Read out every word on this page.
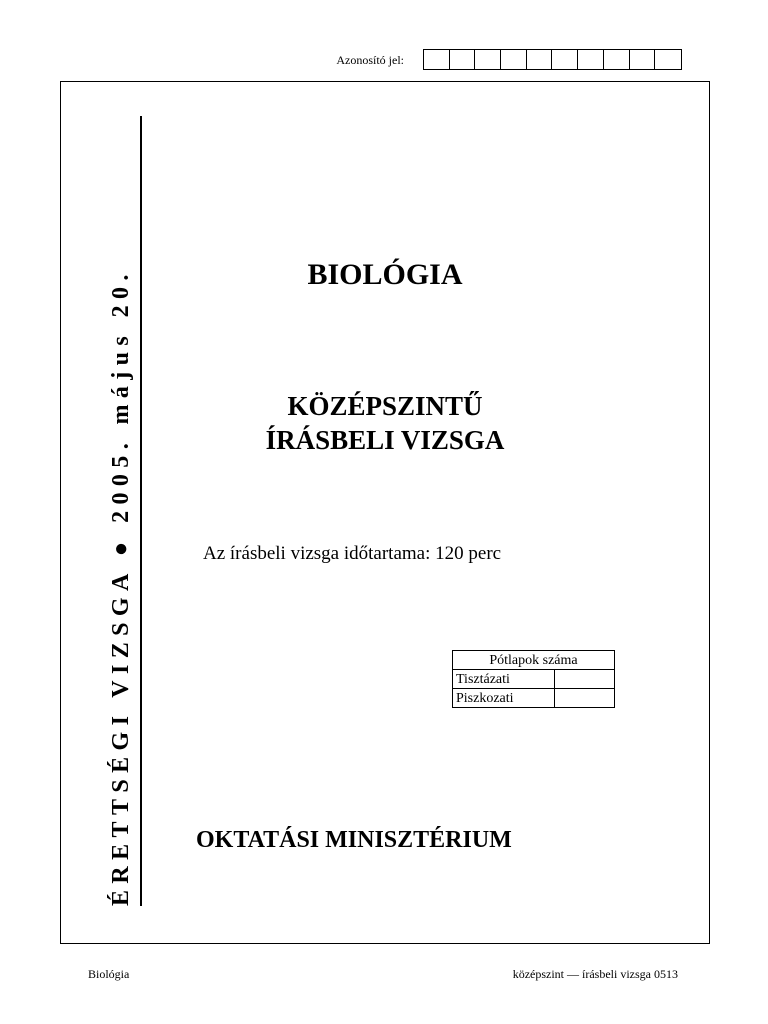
Azonosító jel:
ÉRETTSÉGI VIZSGA ● 2005. május 20.	BIOLÓGIA
KÖZÉPSZINTŰ
ÍRÁSBELI VIZSGA
Az írásbeli vizsga időtartama: 120 perc
Pótlapok száma	
Tisztázati	
Piszkozati	
OKTATÁSI MINISZTÉRIUM
Biológia	középszint — írásbeli vizsga 0513
